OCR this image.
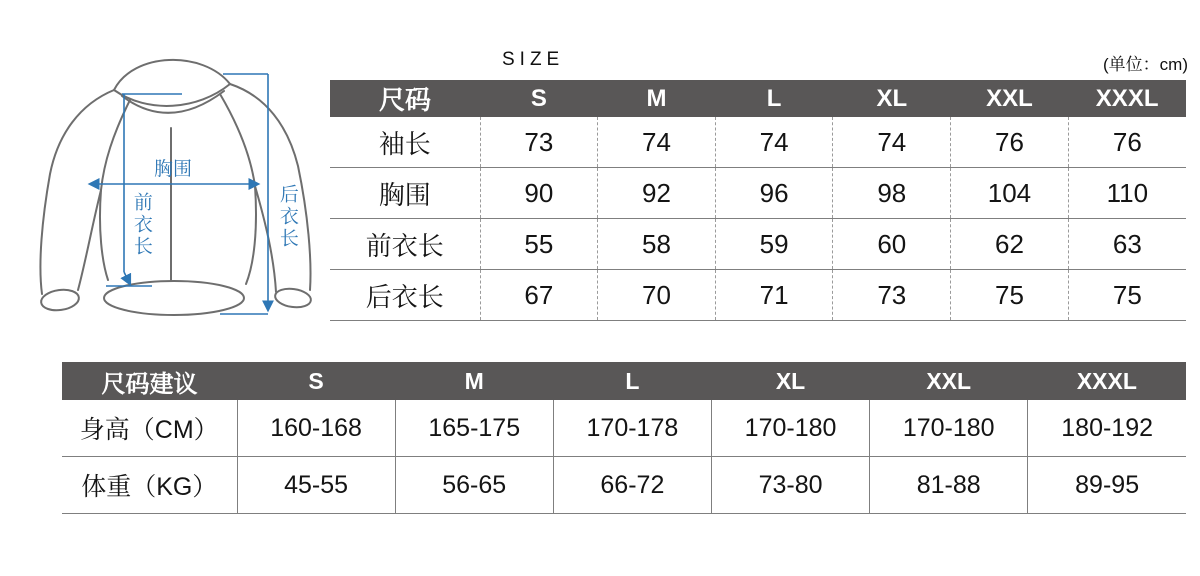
胸围
前衣长	后衣长
SIZE	(单位：cm)
尺码	S	M	L	XL	XXL	XXXL
袖长	73	74	74	74	76	76
胸围	90	92	96	98	104	110
前衣长	55	58	59	60	62	63
后衣长	67	70	71	73	75	75
尺码建议	S	M	L	XL	XXL	XXXL
身高（CM）	160-168	165-175	170-178	170-180	170-180	180-192
体重（KG）	45-55	56-65	66-72	73-80	81-88	89-95
